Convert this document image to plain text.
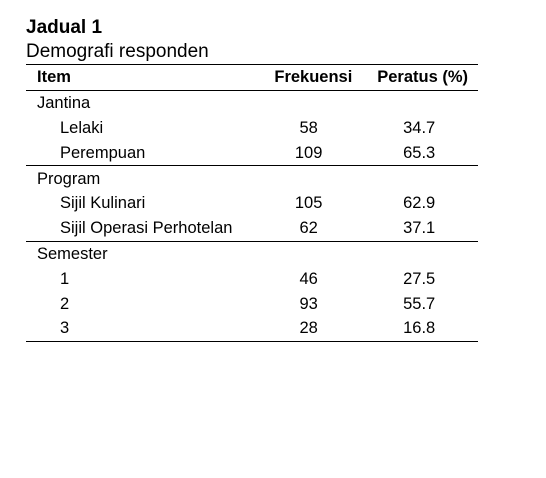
Jadual 1
Demografi responden
Item	Frekuensi	Peratus (%)
Jantina		
Lelaki	58	34.7
Perempuan	109	65.3
Program		
Sijil Kulinari	105	62.9
Sijil Operasi Perhotelan	62	37.1
Semester		
1	46	27.5
2	93	55.7
3	28	16.8
